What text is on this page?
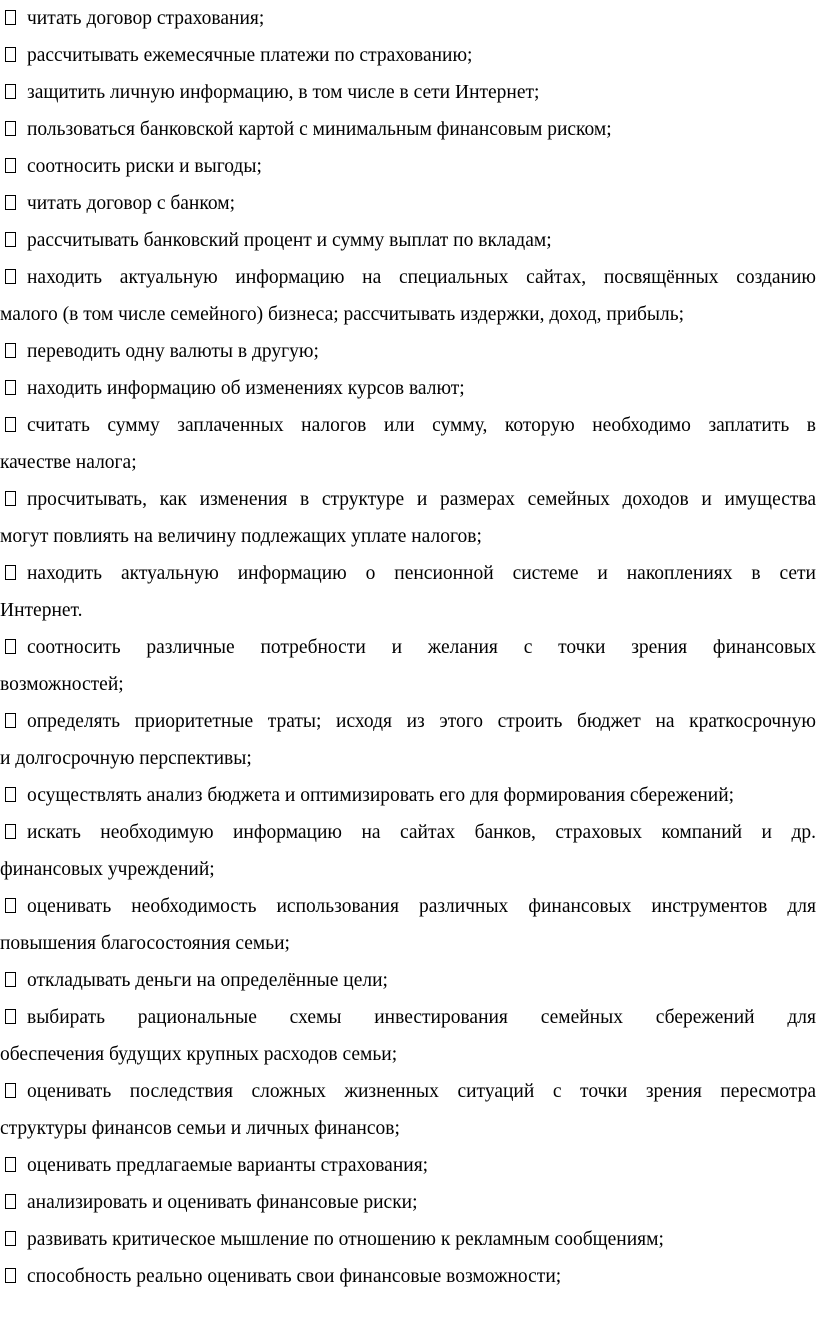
читать договор страхования;
рассчитывать ежемесячные платежи по страхованию;
защитить личную информацию, в том числе в сети Интернет;
пользоваться банковской картой с минимальным финансовым риском;
соотносить риски и выгоды;
читать договор с банком;
рассчитывать банковский процент и сумму выплат по вкладам;
находить актуальную информацию на специальных сайтах, посвящённых созданию
малого (в том числе семейного) бизнеса; рассчитывать издержки, доход, прибыль;
переводить одну валюты в другую;
находить информацию об изменениях курсов валют;
считать сумму заплаченных налогов или сумму, которую необходимо заплатить в
качестве налога;
просчитывать, как изменения в структуре и размерах семейных доходов и имущества
могут повлиять на величину подлежащих уплате налогов;
находить актуальную информацию о пенсионной системе и накоплениях в сети
Интернет.
соотносить различные потребности и желания с точки зрения финансовых
возможностей;
определять приоритетные траты; исходя из этого строить бюджет на краткосрочную
и долгосрочную перспективы;
осуществлять анализ бюджета и оптимизировать его для формирования сбережений;
искать необходимую информацию на сайтах банков, страховых компаний и др.
финансовых учреждений;
оценивать необходимость использования различных финансовых инструментов для
повышения благосостояния семьи;
откладывать деньги на определённые цели;
выбирать рациональные схемы инвестирования семейных сбережений для
обеспечения будущих крупных расходов семьи;
оценивать последствия сложных жизненных ситуаций с точки зрения пересмотра
структуры финансов семьи и личных финансов;
оценивать предлагаемые варианты страхования;
анализировать и оценивать финансовые риски;
развивать критическое мышление по отношению к рекламным сообщениям;
способность реально оценивать свои финансовые возможности;
